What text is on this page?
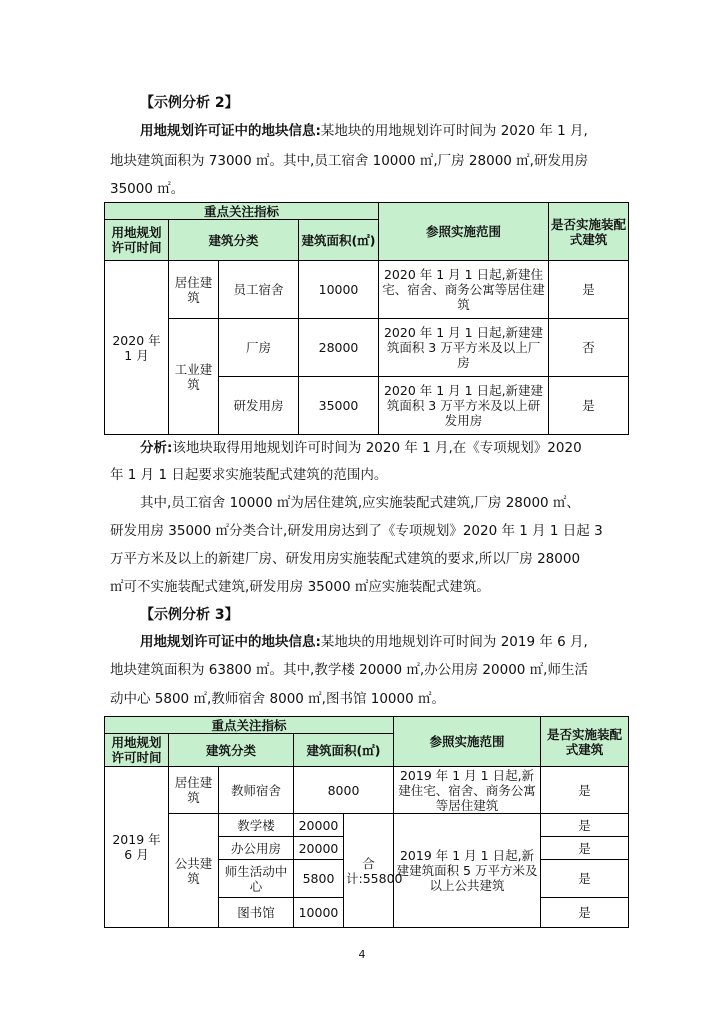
【示例分析 2】
用地规划许可证中的地块信息:某地块的用地规划许可时间为 2020 年 1 月,
地块建筑面积为 73000 ㎡。其中,员工宿舍 10000 ㎡,厂房 28000 ㎡,研发用房
35000 ㎡。
重点关注指标				参照实施范围	是否实施装配式建筑
用地规划许可时间	建筑分类		建筑面积(㎡)		
2020 年 1 月	居住建筑	员工宿舍	10000	2020 年 1 月 1 日起,新建住宅、宿舍、商务公寓等居住建筑	是
	工业建筑	厂房	28000	2020 年 1 月 1 日起,新建建筑面积 3 万平方米及以上厂房	否
		研发用房	35000	2020 年 1 月 1 日起,新建建筑面积 3 万平方米及以上研发用房	是
分析:该地块取得用地规划许可时间为 2020 年 1 月,在《专项规划》2020
年 1 月 1 日起要求实施装配式建筑的范围内。
其中,员工宿舍 10000 ㎡为居住建筑,应实施装配式建筑,厂房 28000 ㎡、
研发用房 35000 ㎡分类合计,研发用房达到了《专项规划》2020 年 1 月 1 日起 3
万平方米及以上的新建厂房、研发用房实施装配式建筑的要求,所以厂房 28000
㎡可不实施装配式建筑,研发用房 35000 ㎡应实施装配式建筑。
【示例分析 3】
用地规划许可证中的地块信息:某地块的用地规划许可时间为 2019 年 6 月,
地块建筑面积为 63800 ㎡。其中,教学楼 20000 ㎡,办公用房 20000 ㎡,师生活
动中心 5800 ㎡,教师宿舍 8000 ㎡,图书馆 10000 ㎡。
重点关注指标					参照实施范围	是否实施装配式建筑
用地规划许可时间	建筑分类		建筑面积(㎡)			
2019 年 6 月	居住建筑	教师宿舍	8000		2019 年 1 月 1 日起,新建住宅、宿舍、商务公寓等居住建筑	是
	公共建筑	教学楼	20000	合计:55800	2019 年 1 月 1 日起,新建建筑面积 5 万平方米及以上公共建筑	是
		办公用房	20000			是
		师生活动中心	5800			是
		图书馆	10000			是
4
